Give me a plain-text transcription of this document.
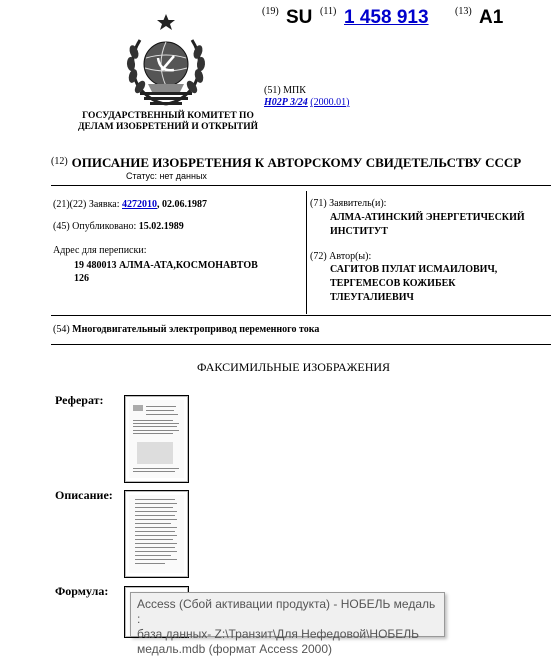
ГОСУДАРСТВЕННЫЙ КОМИТЕТ ПО
ДЕЛАМ ИЗОБРЕТЕНИЙ И ОТКРЫТИЙ
(19) SU (11) 1 458 913	(13) A1
(51) МПК
H02P 3/24 (2000.01)
(12) ОПИСАНИЕ ИЗОБРЕТЕНИЯ К АВТОРСКОМУ СВИДЕТЕЛЬСТВУ СССР
Статус: нет данных
(21)(22) Заявка: 4272010, 02.06.1987
(45) Опубликовано: 15.02.1989
Адрес для переписки:
19 480013 АЛМА-АТА,КОСМОНАВТОВ
126
(71) Заявитель(и):
АЛМА-АТИНСКИЙ ЭНЕРГЕТИЧЕСКИЙ
ИНСТИТУТ
(72) Автор(ы):
САГИТОВ ПУЛАТ ИСМАИЛОВИЧ,
ТЕРГЕМЕСОВ КОЖИБЕК
ТЛЕУГАЛИЕВИЧ
(54) Многодвигательный электропривод переменного тока
ФАКСИМИЛЬНЫЕ ИЗОБРАЖЕНИЯ
Реферат:
Описание:
Формула:
Access (Сбой активации продукта) - НОБЕЛЬ медаль :
база данных- Z:\Транзит\Для Нефедовой\НОБЕЛЬ
медаль.mdb (формат Access 2000)
